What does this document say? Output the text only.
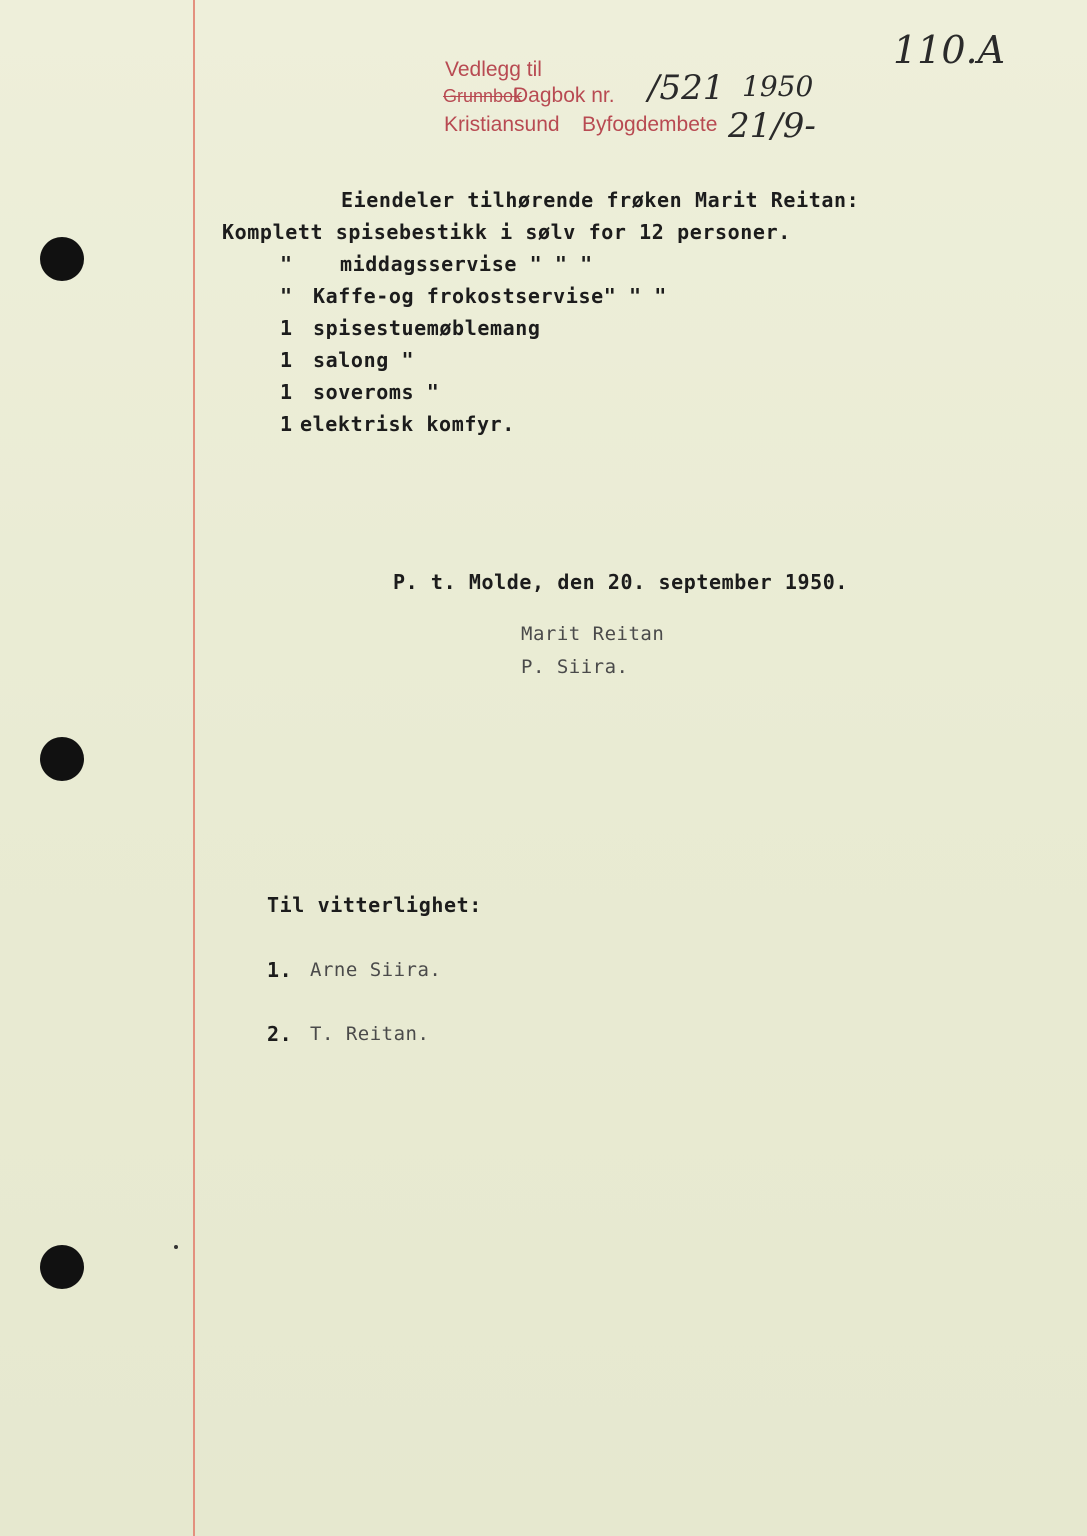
Vedlegg til
Dagbok nr.
Grunnbok
Kristiansund Byfogdembete
/521 1950
21/9-
110.A
Eiendeler tilhørende frøken Marit Reitan:
Komplett spisebestikk i sølv for 12 personer.
" middagsservise " " "
" Kaffe-og frokostservise" " "
1 spisestuemøblemang
1 salong "
1 soveroms "
1 elektrisk komfyr.
P. t. Molde, den 20. september 1950.
Marit Reitan
P. Siira.
Til vitterlighet:
1. Arne Siira.
2. T. Reitan.
